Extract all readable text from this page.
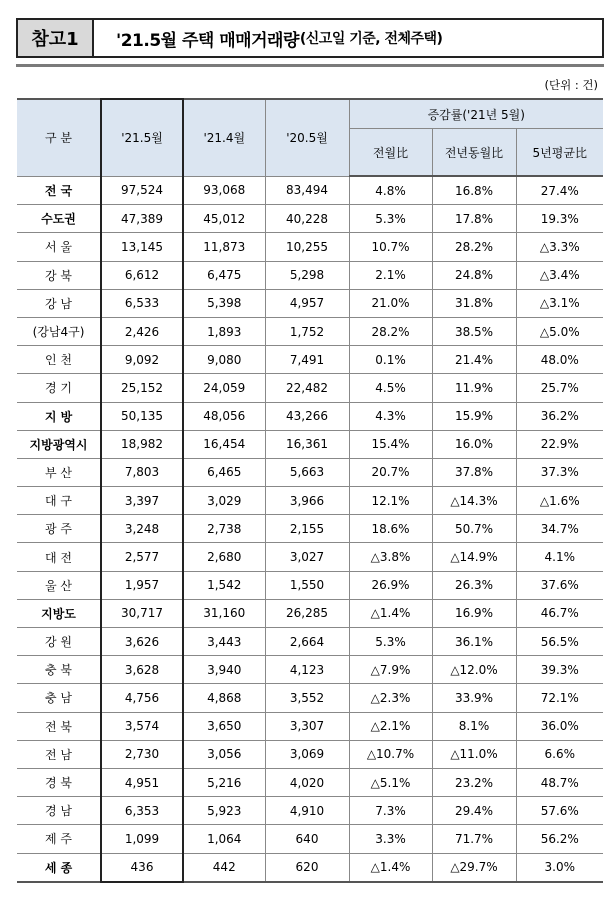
참고1	'21.5월 주택 매매거래량 (신고일 기준, 전체주택)
(단위 : 건)
구 분	'21.5월	'21.4월	'20.5월	증감률('21년 5월)		
				전월比	전년동월比	5년평균比
전 국	97,524	93,068	83,494	4.8%	16.8%	27.4%
수도권	47,389	45,012	40,228	5.3%	17.8%	19.3%
서 울	13,145	11,873	10,255	10.7%	28.2%	△3.3%
강 북	6,612	6,475	5,298	2.1%	24.8%	△3.4%
강 남	6,533	5,398	4,957	21.0%	31.8%	△3.1%
(강남4구)	2,426	1,893	1,752	28.2%	38.5%	△5.0%
인 천	9,092	9,080	7,491	0.1%	21.4%	48.0%
경 기	25,152	24,059	22,482	4.5%	11.9%	25.7%
지 방	50,135	48,056	43,266	4.3%	15.9%	36.2%
지방광역시	18,982	16,454	16,361	15.4%	16.0%	22.9%
부 산	7,803	6,465	5,663	20.7%	37.8%	37.3%
대 구	3,397	3,029	3,966	12.1%	△14.3%	△1.6%
광 주	3,248	2,738	2,155	18.6%	50.7%	34.7%
대 전	2,577	2,680	3,027	△3.8%	△14.9%	4.1%
울 산	1,957	1,542	1,550	26.9%	26.3%	37.6%
지방도	30,717	31,160	26,285	△1.4%	16.9%	46.7%
강 원	3,626	3,443	2,664	5.3%	36.1%	56.5%
충 북	3,628	3,940	4,123	△7.9%	△12.0%	39.3%
충 남	4,756	4,868	3,552	△2.3%	33.9%	72.1%
전 북	3,574	3,650	3,307	△2.1%	8.1%	36.0%
전 남	2,730	3,056	3,069	△10.7%	△11.0%	6.6%
경 북	4,951	5,216	4,020	△5.1%	23.2%	48.7%
경 남	6,353	5,923	4,910	7.3%	29.4%	57.6%
제 주	1,099	1,064	640	3.3%	71.7%	56.2%
세 종	436	442	620	△1.4%	△29.7%	3.0%
